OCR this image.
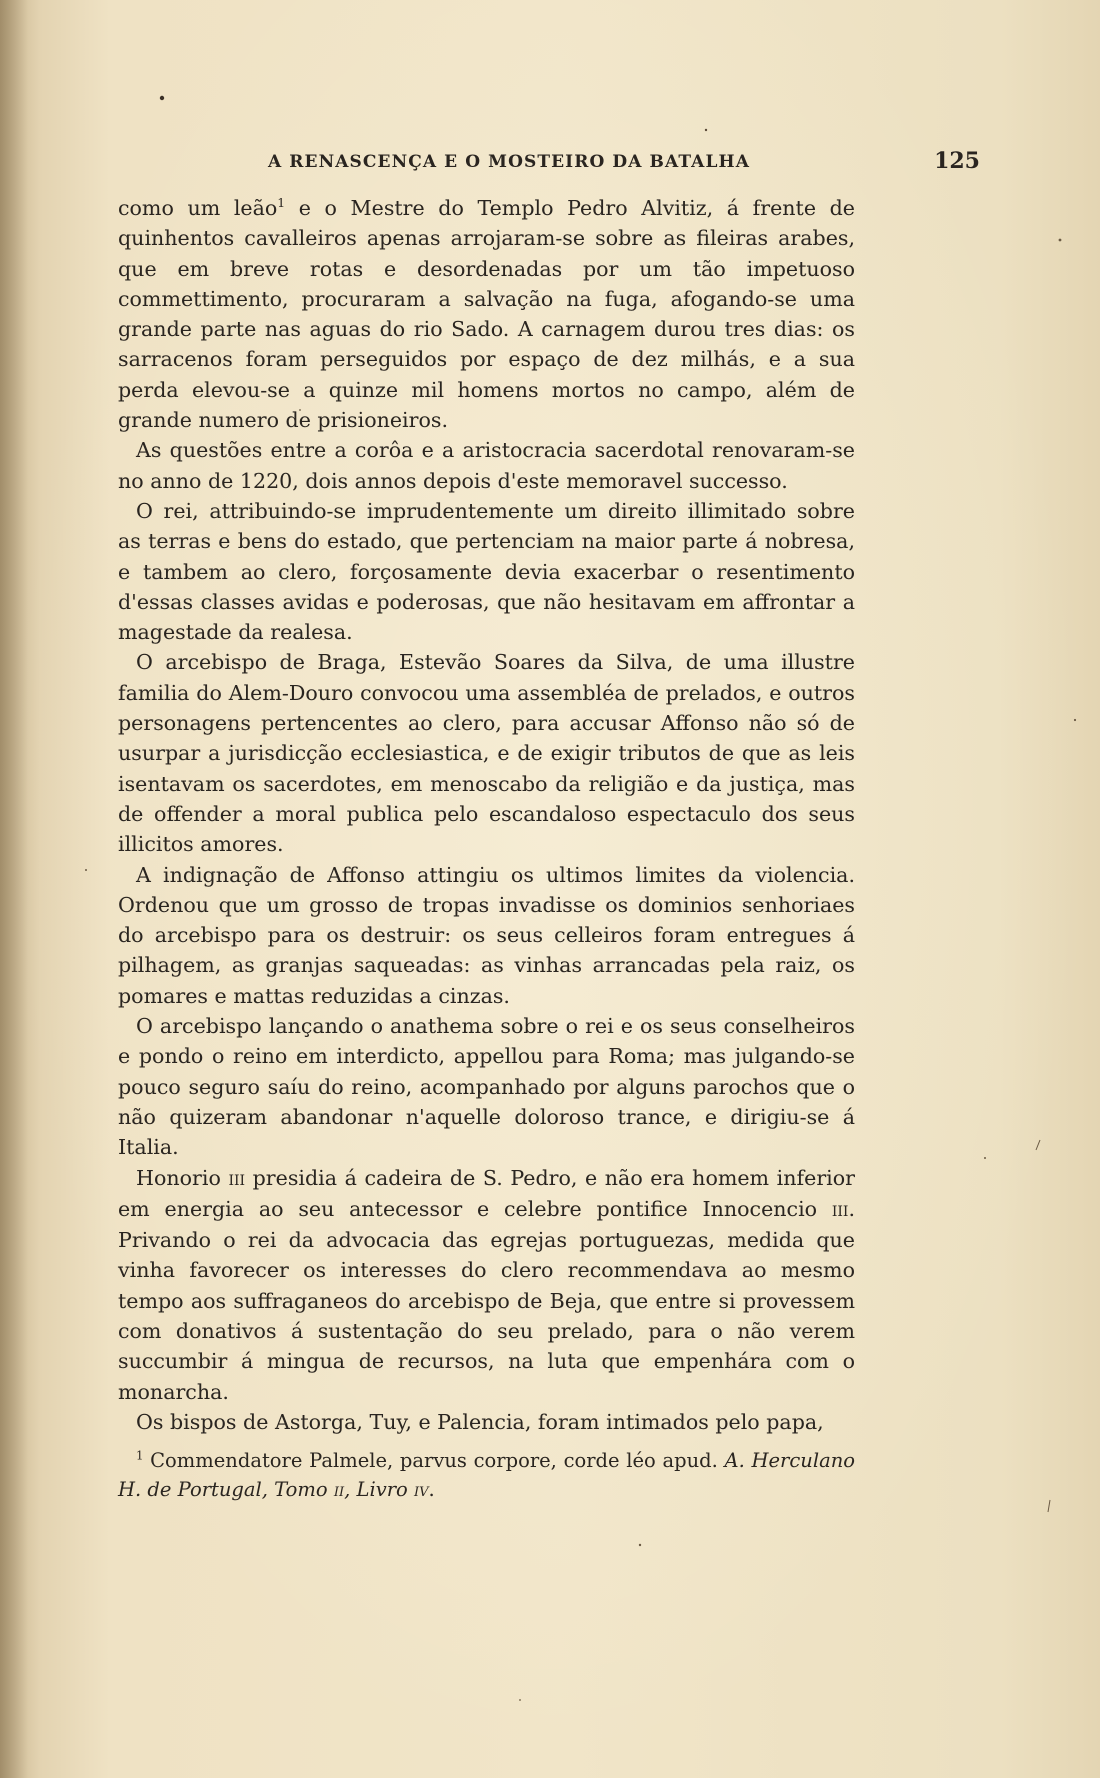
A RENASCENÇA E O MOSTEIRO DA BATALHA	125

como um leão$^1$ e o Mestre do Templo Pedro Alvitiz, á frente de quinhentos cavalleiros apenas arrojaram-se sobre as fileiras arabes, que em breve rotas e desordenadas por um tão impetuoso commettimento, procuraram a salvação na fuga, afogando-se uma grande parte nas aguas do rio Sado. A carnagem durou tres dias: os sarracenos foram perseguidos por espaço de dez milhás, e a sua perda elevou-se a quinze mil homens mortos no campo, além de grande numero de prisioneiros.

As questões entre a corôa e a aristocracia sacerdotal renovaram-se no anno de 1220, dois annos depois d'este memoravel successo.

O rei, attribuindo-se imprudentemente um direito illimitado sobre as terras e bens do estado, que pertenciam na maior parte á nobresa, e tambem ao clero, forçosamente devia exacerbar o resentimento d'essas classes avidas e poderosas, que não hesitavam em affrontar a magestade da realesa.

O arcebispo de Braga, Estevão Soares da Silva, de uma illustre familia do Alem-Douro convocou uma assembléa de prelados, e outros personagens pertencentes ao clero, para accusar Affonso não só de usurpar a jurisdicção ecclesiastica, e de exigir tributos de que as leis isentavam os sacerdotes, em menoscabo da religião e da justiça, mas de offender a moral publica pelo escandaloso espectaculo dos seus illicitos amores.

A indignação de Affonso attingiu os ultimos limites da violencia. Ordenou que um grosso de tropas invadisse os dominios senhoriaes do arcebispo para os destruir: os seus celleiros foram entregues á pilhagem, as granjas saqueadas: as vinhas arrancadas pela raiz, os pomares e mattas reduzidas a cinzas.

O arcebispo lançando o anathema sobre o rei e os seus conselheiros e pondo o reino em interdicto, appellou para Roma; mas julgando-se pouco seguro saíu do reino, acompanhado por alguns parochos que o não quizeram abandonar n'aquelle doloroso trance, e dirigiu-se á Italia.

Honorio iii presidia á cadeira de S. Pedro, e não era homem inferior em energia ao seu antecessor e celebre pontifice Innocencio iii. Privando o rei da advocacia das egrejas portuguezas, medida que vinha favorecer os interesses do clero recommendava ao mesmo tempo aos suffraganeos do arcebispo de Beja, que entre si provessem com donativos á sustentação do seu prelado, para o não verem succumbir á mingua de recursos, na luta que empenhára com o monarcha.

Os bispos de Astorga, Tuy, e Palencia, foram intimados pelo papa,

$^1$ Commendatore Palmele, parvus corpore, corde léo apud. A. Herculano H. de Portugal, Tomo ii, Livro iv.
